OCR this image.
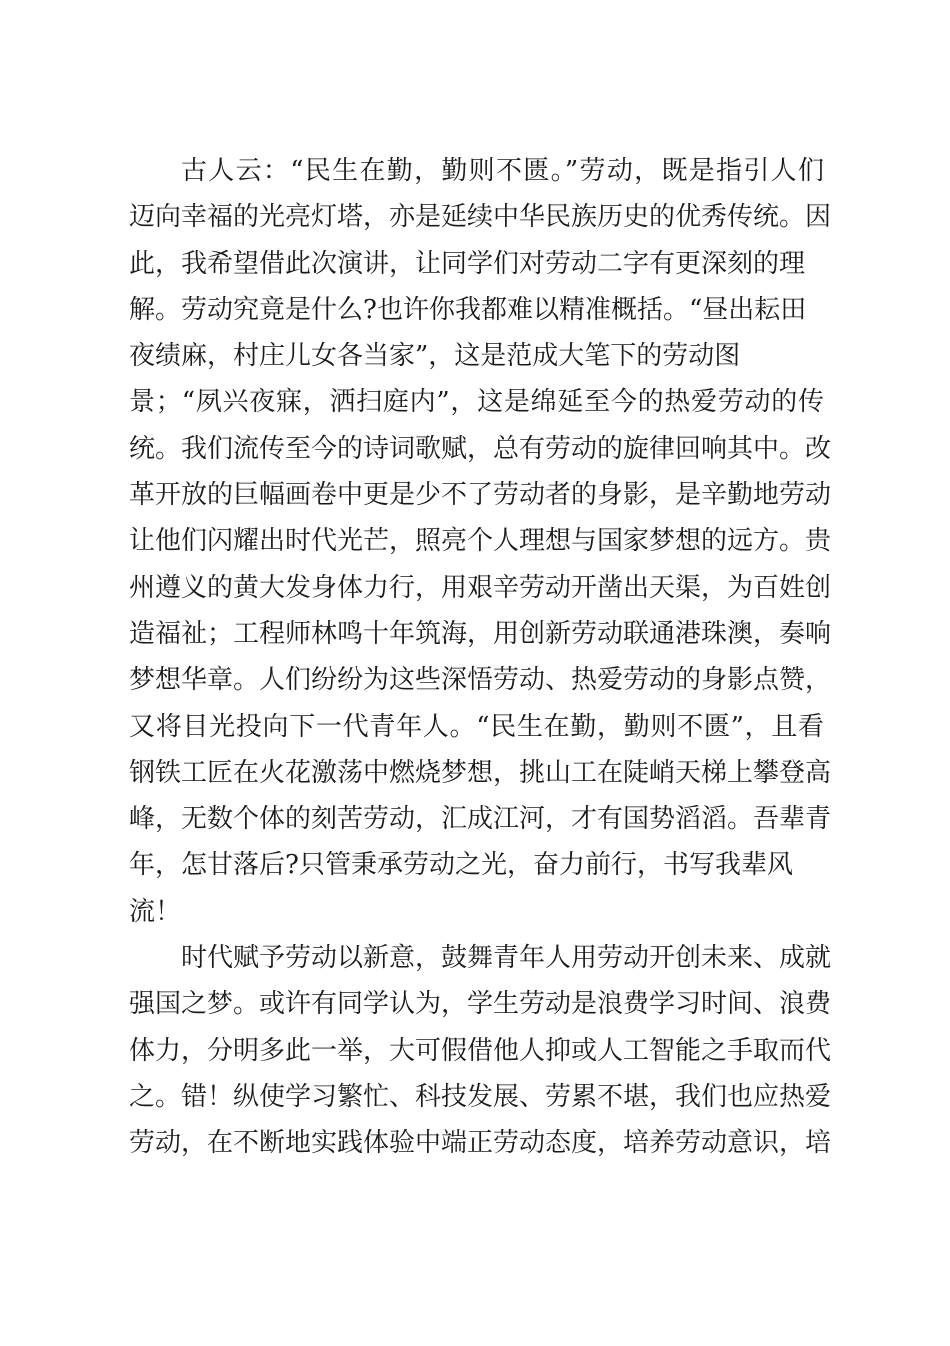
古人云：“民生在勤，勤则不匮。”劳动，既是指引人们
迈向幸福的光亮灯塔，亦是延续中华民族历史的优秀传统。因
此，我希望借此次演讲，让同学们对劳动二字有更深刻的理
解。劳动究竟是什么?也许你我都难以精准概括。“昼出耘田
夜绩麻，村庄儿女各当家”，这是范成大笔下的劳动图
景；“夙兴夜寐，洒扫庭内”，这是绵延至今的热爱劳动的传
统。我们流传至今的诗词歌赋，总有劳动的旋律回响其中。改
革开放的巨幅画卷中更是少不了劳动者的身影，是辛勤地劳动
让他们闪耀出时代光芒，照亮个人理想与国家梦想的远方。贵
州遵义的黄大发身体力行，用艰辛劳动开凿出天渠，为百姓创
造福祉；工程师林鸣十年筑海，用创新劳动联通港珠澳，奏响
梦想华章。人们纷纷为这些深悟劳动、热爱劳动的身影点赞，
又将目光投向下一代青年人。“民生在勤，勤则不匮”，且看
钢铁工匠在火花激荡中燃烧梦想，挑山工在陡峭天梯上攀登高
峰，无数个体的刻苦劳动，汇成江河，才有国势滔滔。吾辈青
年，怎甘落后?只管秉承劳动之光，奋力前行，书写我辈风
流！
时代赋予劳动以新意，鼓舞青年人用劳动开创未来、成就
强国之梦。或许有同学认为，学生劳动是浪费学习时间、浪费
体力，分明多此一举，大可假借他人抑或人工智能之手取而代
之。错！纵使学习繁忙、科技发展、劳累不堪，我们也应热爱
劳动，在不断地实践体验中端正劳动态度，培养劳动意识，培
